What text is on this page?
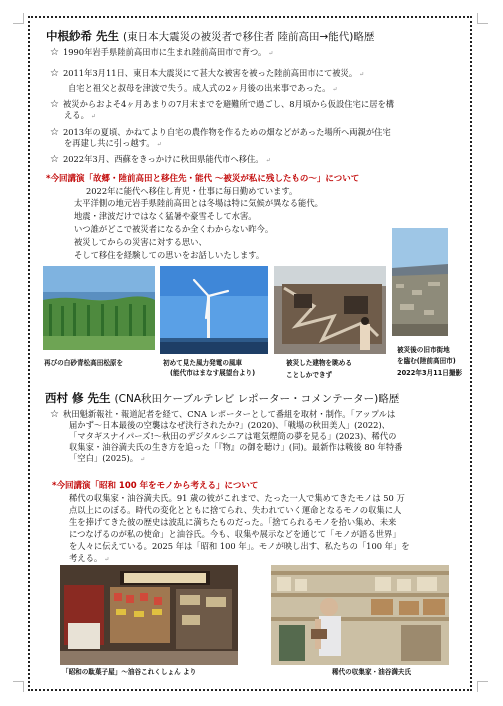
中根紗希 先生 (東日本大震災の被災者で移住者 陸前高田→能代)略歴
☆ 1990年岩手県陸前高田市に生まれ陸前高田市で育つ。 ↵
☆ 2011年3月11日、東日本大震災にて甚大な被害を被った陸前高田市にて被災。 ↵
自宅と祖父と叔母を津波で失う。成人式の2ヶ月後の出来事であった。 ↵
☆ 被災からおよそ4ヶ月あまりの7月末までを避難所で過ごし、8月頃から仮設住宅に居を構
える。 ↵
☆ 2013年の夏頃、かねてより自宅の農作物を作るための畑などがあった場所へ両親が住宅
を再建し共に引っ越す。 ↵
☆ 2022年3月、西蘇をきっかけに秋田県能代市へ移住。 ↵
*今回講演「故郷・陸前高田と移住先・能代 ～被災が私に残したもの～」について
2022年に能代へ移住し育児・仕事に毎日勤めています。
太平洋側の地元岩手県陸前高田とは冬場は特に気候が異なる能代。
地震・津波だけではなく猛暑や豪雪そして水害。
いつ誰がどこで被災者になるか全くわからない昨今。
被災してからの災害に対する思い、
そして移住を経験しての思いをお話しいたします。
再びの白砂青松高田松原を	初めて見た風力発電の風車
(能代市はまなす展望台より)
被災した建物を眺める
ことしかできず
被災後の旧市街地
を臨む(陸前高田市)
2022年3月11日撮影
西村 修 先生 (CNA秋田ケーブルテレビ レポーター・コメンテーター)略歴
☆ 秋田魁新報社・報道記者を経て、CNA レポーターとして番組を取材・制作。「アップルは
届かず～日本最後の空襲はなぜ決行されたか?」(2020)、「戦場の秋田美人」(2022)、
「マタギスナイパーズ!～秋田のデジタルシニアは電気煙筒の夢を見る」(2023)、稀代の
収集家・油谷満夫氏の生き方を追った「『物』の御を聴け」(同)。最新作は戦後 80 年特番
「空白」(2025)。 ↵
*今回講演「昭和 100 年をモノから考える」について
稀代の収集家・油谷満夫氏。91 歳の彼がこれまで、たった一人で集めてきたモノは 50 万
点以上にのぼる。時代の変化とともに捨てられ、失われていく運命となるモノの収集に人
生を捧げてきた彼の歴史は波乱に満ちたものだった。「捨てられるモノを拾い集め、未来
につなげるのが私の使命」と油谷氏。今も、収集や展示などを通じて「モノが語る世界」
を人々に伝えている。2025 年は「昭和 100 年」。モノが映し出す、私たちの「100 年」を
考える。 ↵
「昭和の駄菓子屋」～油谷これくしょん より	稀代の収集家・油谷満夫氏
